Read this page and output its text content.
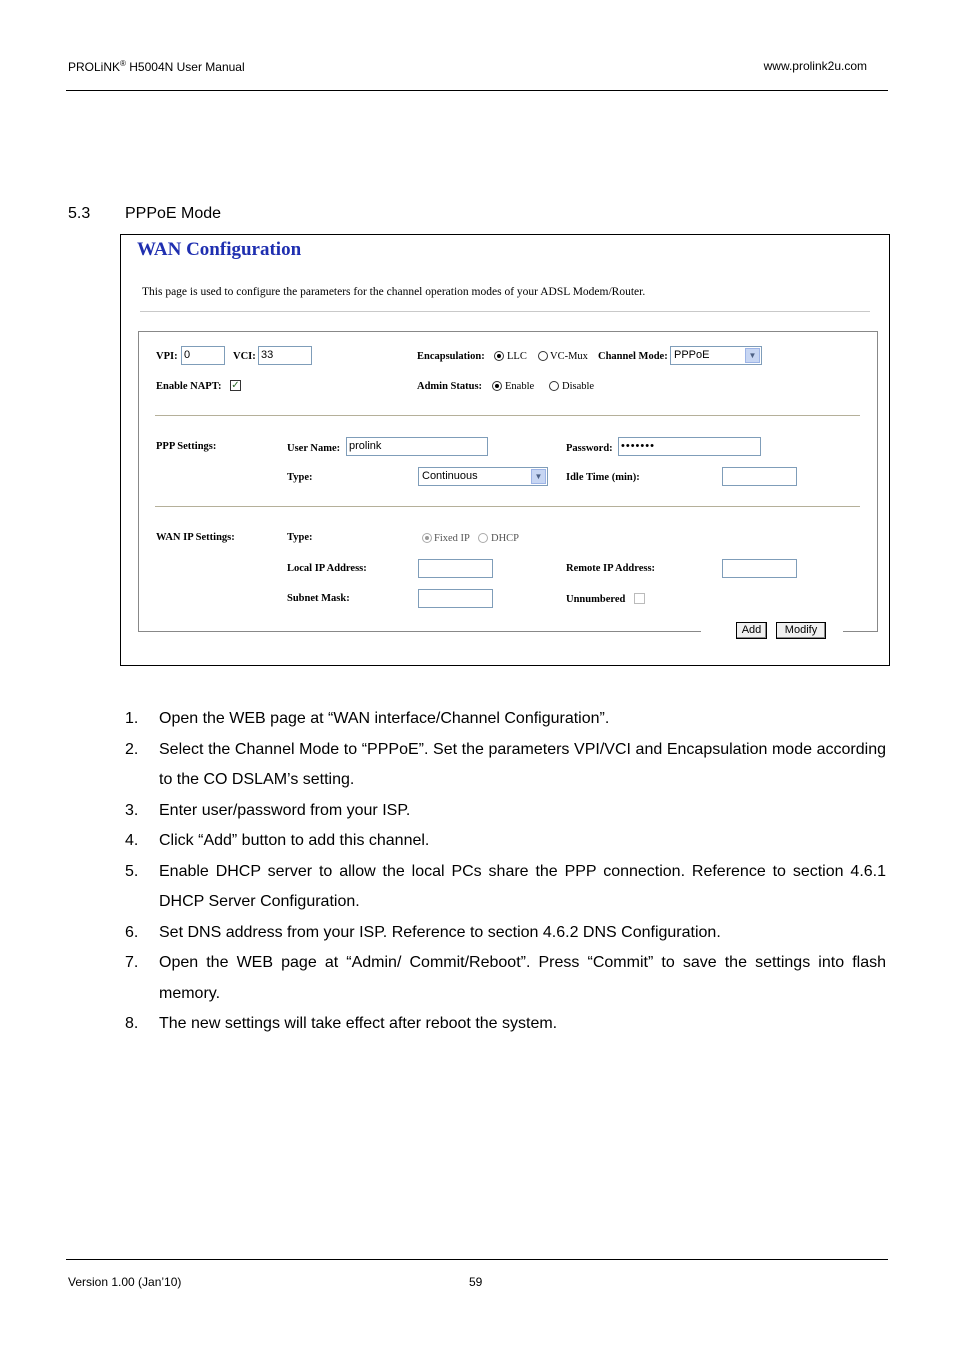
PROLiNK® H5004N User Manual	www.prolink2u.com
5.3 PPPoE Mode
WAN Configuration
This page is used to configure the parameters for the channel operation modes of your ADSL Modem/Router.
VPI: 0	VCI: 33	Encapsulation: LLC VC-Mux Channel Mode: PPPoE	▼
Enable NAPT: ✓	Admin Status: Enable	Disable
PPP Settings:	User Name: prolink	Password: •••••••
Type:	Continuous	▼	Idle Time (min):
WAN IP Settings:	Type:	Fixed IP DHCP
Local IP Address:	Remote IP Address:
Subnet Mask:	Unnumbered
Add	Modify
1. Open the WEB page at “WAN interface/Channel Configuration”.
2. Select the Channel Mode to “PPPoE”. Set the parameters VPI/VCI and Encapsulation mode according to the CO DSLAM’s setting.
3. Enter user/password from your ISP.
4. Click “Add” button to add this channel.
5. Enable DHCP server to allow the local PCs share the PPP connection. Reference to section 4.6.1 DHCP Server Configuration.
6. Set DNS address from your ISP. Reference to section 4.6.2 DNS Configuration.
7. Open the WEB page at “Admin/ Commit/Reboot”. Press “Commit” to save the settings into flash memory.
8. The new settings will take effect after reboot the system.
Version 1.00 (Jan’10)	59
